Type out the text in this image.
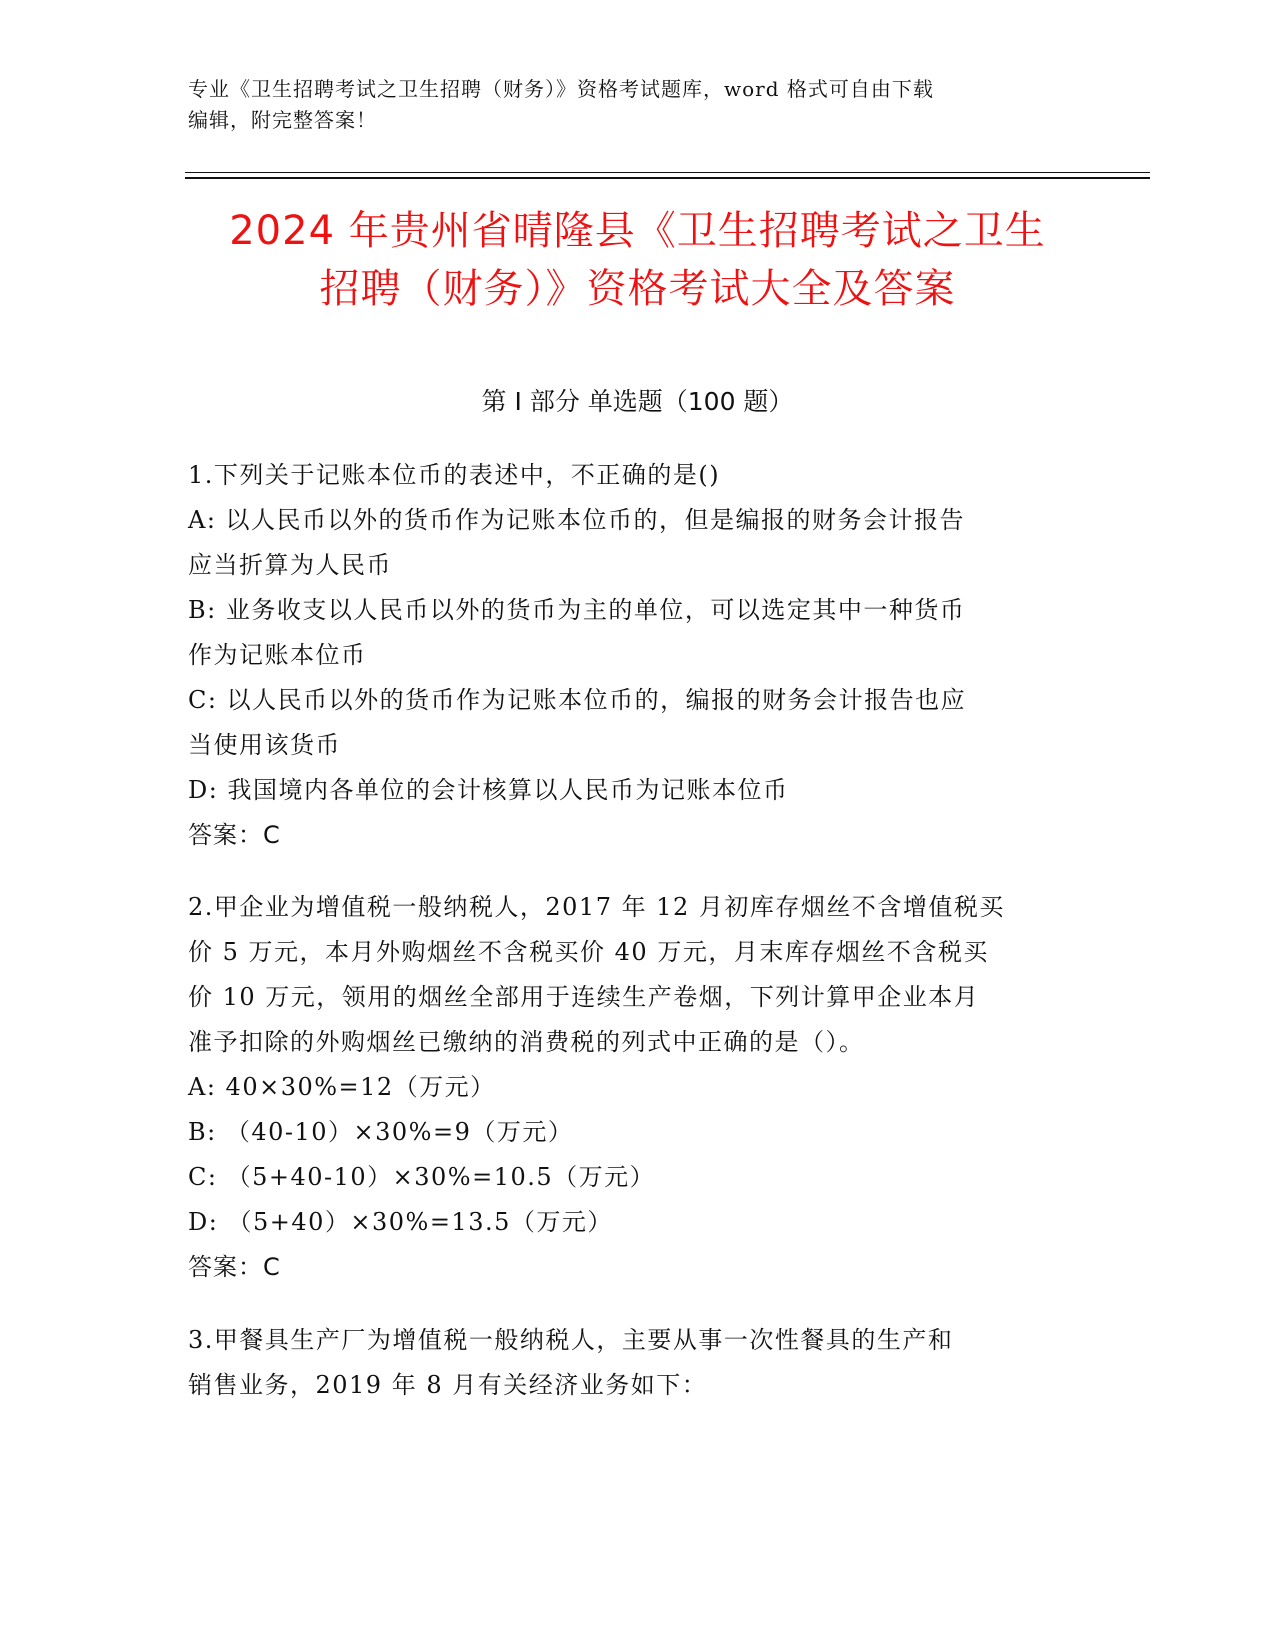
专业《卫生招聘考试之卫生招聘（财务）》资格考试题库，word 格式可自由下载
编辑，附完整答案！
2024 年贵州省晴隆县《卫生招聘考试之卫生
招聘（财务）》资格考试大全及答案
第 I 部分 单选题（100 题）
1.下列关于记账本位币的表述中，不正确的是()
A: 以人民币以外的货币作为记账本位币的，但是编报的财务会计报告
应当折算为人民币
B: 业务收支以人民币以外的货币为主的单位，可以选定其中一种货币
作为记账本位币
C: 以人民币以外的货币作为记账本位币的，编报的财务会计报告也应
当使用该货币
D: 我国境内各单位的会计核算以人民币为记账本位币
答案：C
2.甲企业为增值税一般纳税人，2017 年 12 月初库存烟丝不含增值税买
价 5 万元，本月外购烟丝不含税买价 40 万元，月末库存烟丝不含税买
价 10 万元，领用的烟丝全部用于连续生产卷烟，下列计算甲企业本月
准予扣除的外购烟丝已缴纳的消费税的列式中正确的是（）。
A: 40×30%=12（万元）
B: （40-10）×30%=9（万元）
C: （5+40-10）×30%=10.5（万元）
D: （5+40）×30%=13.5（万元）
答案：C
3.甲餐具生产厂为增值税一般纳税人，主要从事一次性餐具的生产和
销售业务，2019 年 8 月有关经济业务如下：
